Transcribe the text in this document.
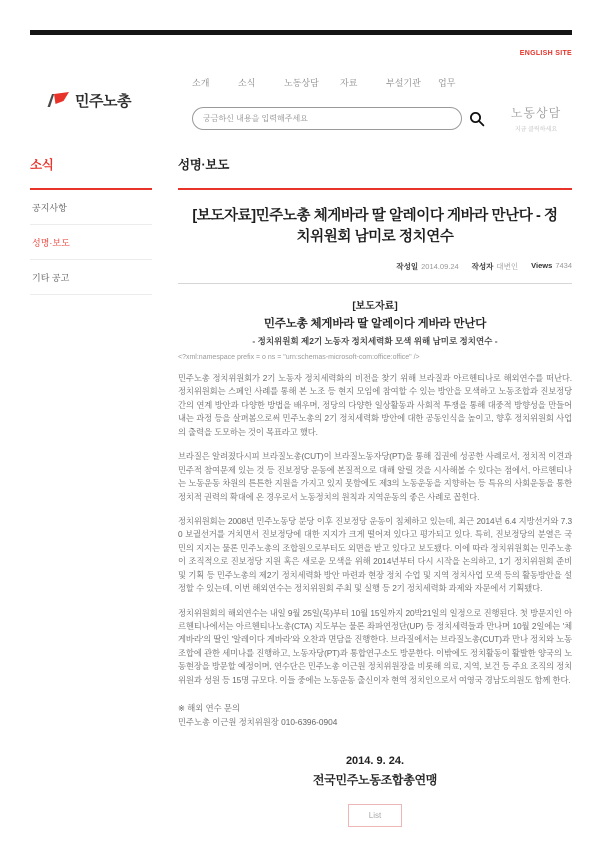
ENGLISH SITE
민주노총
소개	소식	노동상담	자료	부설기관	업무
궁금하신 내용을 입력해주세요
노동상담
지금 클릭하세요
소식
공지사항
성명·보도
기타 공고
성명·보도
[보도자료]민주노총 체게바라 딸 알레이다 게바라 만난다 - 정치위원회 남미로 정치연수
작성일 2014.09.24 작성자 대변인 Views 7434
[보도자료]
민주노총 체게바라 딸 알레이다 게바라 만난다
- 정치위원회 제2기 노동자 정치세력화 모색 위해 남미로 정치연수 -
<?xml:namespace prefix = o ns = "urn:schemas-microsoft-com:office:office" />

민주노총 정치위원회가 2기 노동자 정치세력화의 비전을 찾기 위해 브라질과 아르헨티나로 해외연수를 떠난다. 정치위원회는 스페인 사례를 통해 본 노조 등 현지 모임에 참여할 수 있는 방안을 모색하고 노동조합과 진보정당간의 연계 방안과 다양한 방법을 배우며, 정당의 다양한 일상활동과 사회적 투쟁을 통해 대중적 방향성을 만들어 내는 과정 등을 살펴봄으로써 민주노총의 2기 정치세력화 방안에 대한 공동인식을 높이고, 향후 정치위원회 사업의 출력을 도모하는 것이 목표라고 했다.

브라질은 알려졌다시피 브라질노총(CUT)이 브라질노동자당(PT)을 통해 집권에 성공한 사례로서, 정치적 이견과 민주적 참여문제 있는 것 등 진보정당 운동에 본질적으로 대해 알릴 것을 시사해볼 수 있다는 점에서, 아르헨티나는 노동운동 차원의 튼튼한 지원을 가지고 있지 못함에도 제3의 노동운동을 지향하는 등 특유의 사회운동을 통한 정치적 권력의 확대에 온 경우로서 노동정치의 원칙과 지역운동의 좋은 사례로 꼽힌다.

정치위원회는 2008년 민주노동당 분당 이후 진보정당 운동이 침체하고 있는데, 최근 2014년 6.4 지방선거와 7.30 보궐선거를 거치면서 진보정당에 대한 지지가 크게 떨어져 있다고 평가되고 있다. 특히, 진보정당의 분열은 국민의 지지는 물론 민주노총의 조합원으로부터도 외면을 받고 있다고 보도됐다. 이에 따라 정치위원회는 민주노총이 조직적으로 진보정당 지원 혹은 새로운 모색을 위해 2014년부터 다시 시작을 논의하고, 1기 정치위원회 준비 및 기획 등 민주노총의 제2기 정치세력화 방안 마련과 현장 정치 수업 및 지역 정치사업 모색 등의 활동방안을 설정할 수 있는데, 이번 해외연수는 정치위원회 주최 및 실행 등 2기 정치세력화 과제와 자문에서 기획됐다.

정치위원회의 해외연수는 내일 9월 25일(목)부터 10월 15일까지 20박21일의 일정으로 진행된다. 첫 방문지인 아르헨티나에서는 아르헨티나노총(CTA) 지도부는 물론 좌파연정단(UP) 등 정치세력들과 만나며 10월 2일에는 '체 게바라'의 딸인 '알레이다 게바라'와 오찬과 면담을 진행한다. 브라질에서는 브라질노총(CUT)과 만나 정치와 노동조합에 관한 세미나를 진행하고, 노동자당(PT)과 통합연구소도 방문한다. 이밖에도 정치활동이 활발한 양국의 노동현장을 방문할 예정이며, 연수단은 민주노총 이근원 정치위원장을 비롯해 의료, 지역, 보건 등 주요 조직의 정치위원과 성원 등 15명 규모다. 이들 중에는 노동운동 출신이자 현역 정치인으로서 여영국 경남도의원도 함께 한다.

※ 해외 연수 문의
민주노총 이근원 정치위원장 010-6396-0904
2014. 9. 24.
전국민주노동조합총연맹
List
